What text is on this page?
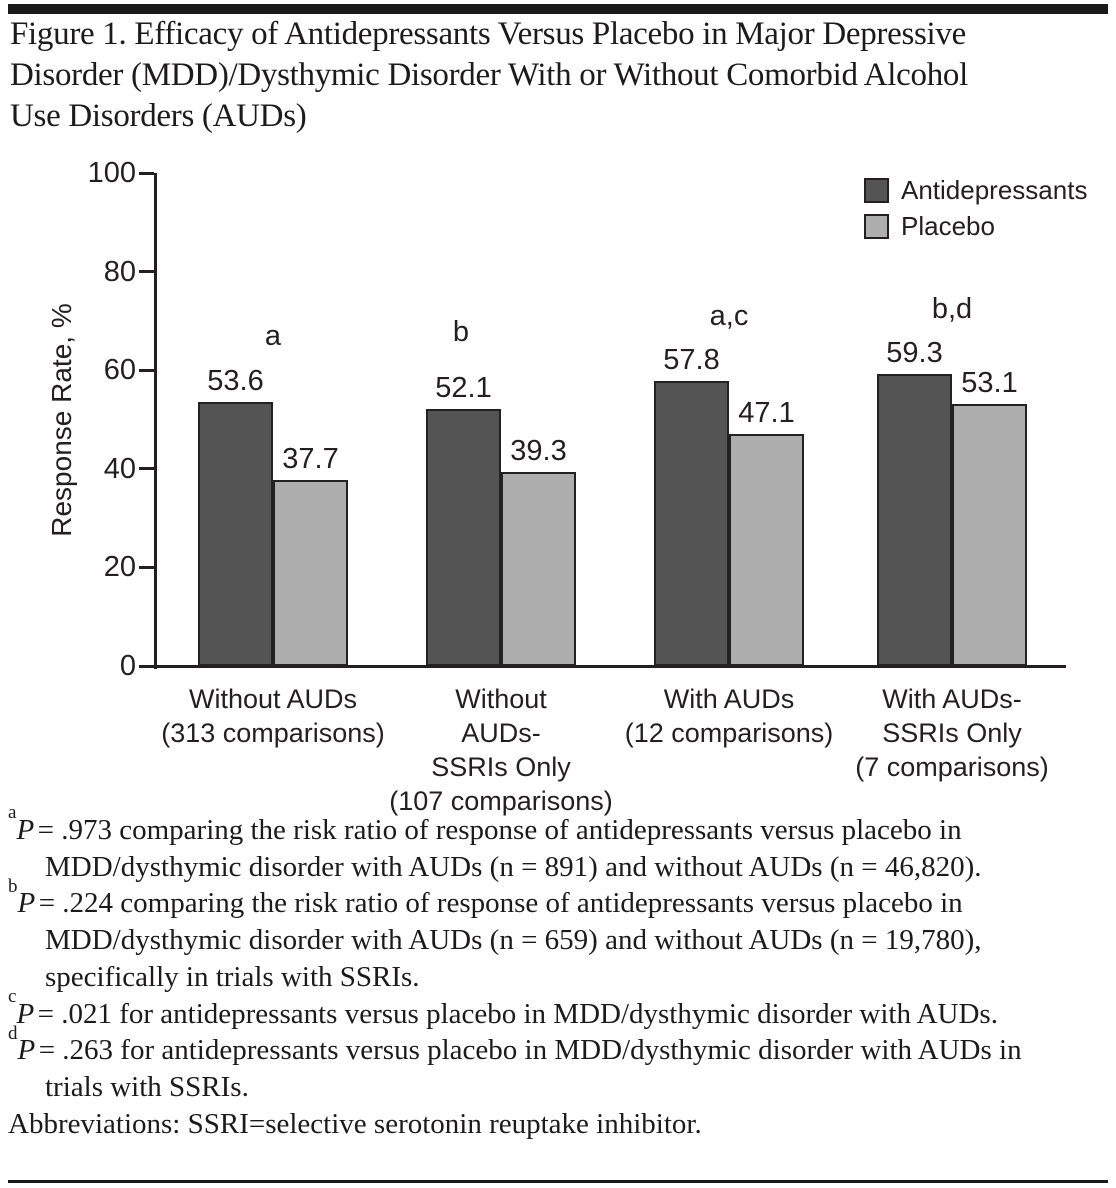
Figure 1. Efficacy of Antidepressants Versus Placebo in Major Depressive Disorder (MDD)/Dysthymic Disorder With or Without Comorbid Alcohol Use Disorders (AUDs)
Response Rate, %
Antidepressants
Placebo
0
20
40
60
80
100
53.6
37.7
a
Without AUDs
(313 comparisons)
52.1
39.3
b
Without
AUDs-
SSRIs Only
(107 comparisons)
57.8
47.1
a,c
With AUDs
(12 comparisons)
59.3
53.1
b,d
With AUDs-
SSRIs Only
(7 comparisons)
$^a$P = .973 comparing the risk ratio of response of antidepressants versus placebo in MDD/dysthymic disorder with AUDs (n = 891) and without AUDs (n = 46,820).
$^b$P = .224 comparing the risk ratio of response of antidepressants versus placebo in MDD/dysthymic disorder with AUDs (n = 659) and without AUDs (n = 19,780), specifically in trials with SSRIs.
$^c$P = .021 for antidepressants versus placebo in MDD/dysthymic disorder with AUDs.
$^d$P = .263 for antidepressants versus placebo in MDD/dysthymic disorder with AUDs in trials with SSRIs.
Abbreviations: SSRI=selective serotonin reuptake inhibitor.
